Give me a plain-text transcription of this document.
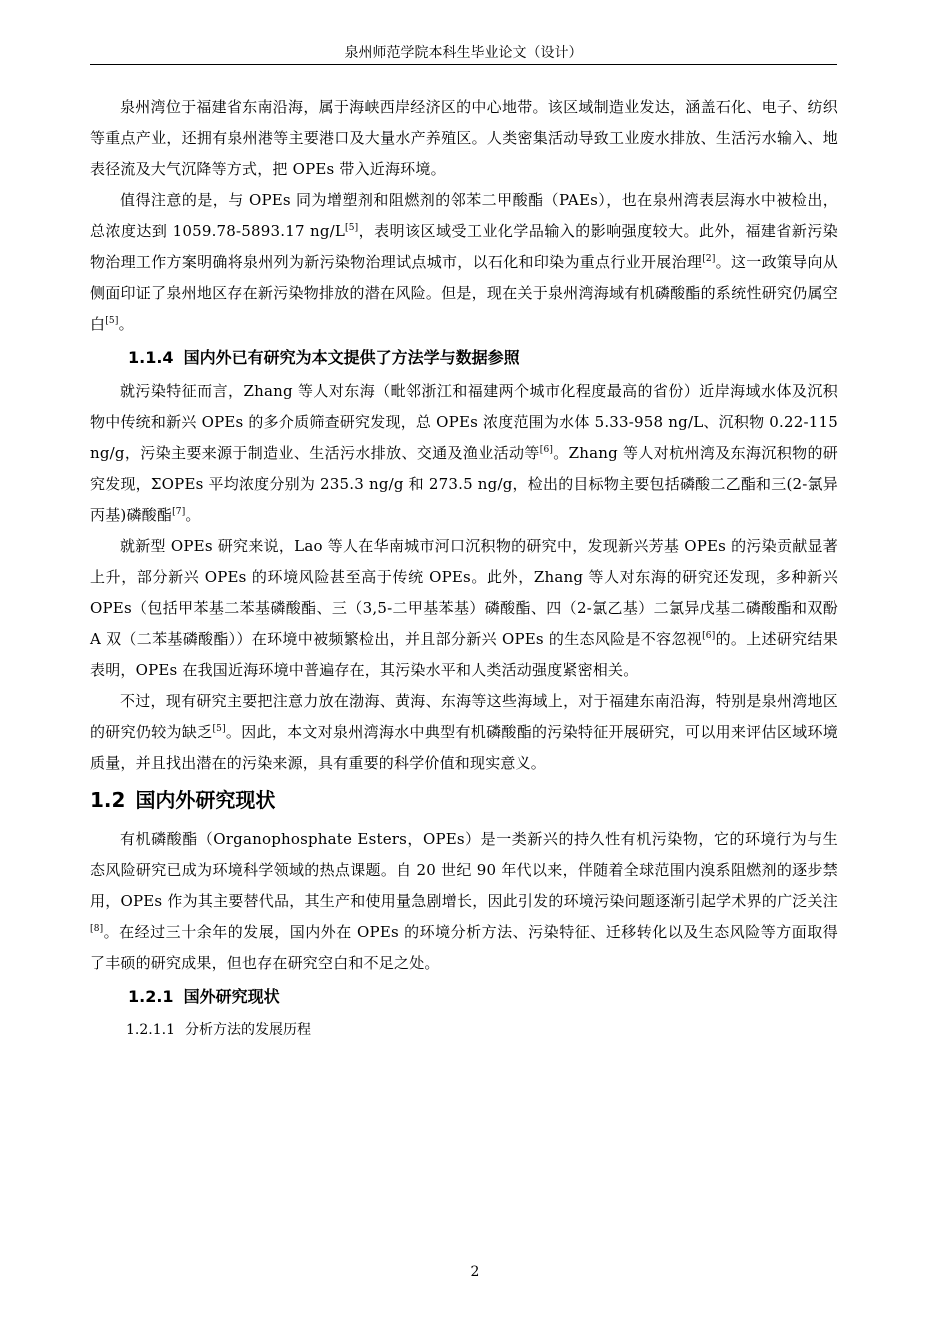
泉州师范学院本科生毕业论文（设计）

泉州湾位于福建省东南沿海，属于海峡西岸经济区的中心地带。该区域制造业发达，涵盖石化、电子、纺织等重点产业，还拥有泉州港等主要港口及大量水产养殖区。人类密集活动导致工业废水排放、生活污水输入、地表径流及大气沉降等方式，把 OPEs 带入近海环境。

值得注意的是，与 OPEs 同为增塑剂和阻燃剂的邻苯二甲酸酯（PAEs），也在泉州湾表层海水中被检出，总浓度达到 1059.78-5893.17 ng/L[5]，表明该区域受工业化学品输入的影响强度较大。此外，福建省新污染物治理工作方案明确将泉州列为新污染物治理试点城市，以石化和印染为重点行业开展治理[2]。这一政策导向从侧面印证了泉州地区存在新污染物排放的潜在风险。但是，现在关于泉州湾海域有机磷酸酯的系统性研究仍属空白[5]。

1.1.4 国内外已有研究为本文提供了方法学与数据参照

就污染特征而言，Zhang 等人对东海（毗邻浙江和福建两个城市化程度最高的省份）近岸海域水体及沉积物中传统和新兴 OPEs 的多介质筛查研究发现，总 OPEs 浓度范围为水体 5.33-958 ng/L、沉积物 0.22-115 ng/g，污染主要来源于制造业、生活污水排放、交通及渔业活动等[6]。Zhang 等人对杭州湾及东海沉积物的研究发现，ΣOPEs 平均浓度分别为 235.3 ng/g 和 273.5 ng/g，检出的目标物主要包括磷酸二乙酯和三(2-氯异丙基)磷酸酯[7]。

就新型 OPEs 研究来说，Lao 等人在华南城市河口沉积物的研究中，发现新兴芳基 OPEs 的污染贡献显著上升，部分新兴 OPEs 的环境风险甚至高于传统 OPEs。此外，Zhang 等人对东海的研究还发现，多种新兴 OPEs（包括甲苯基二苯基磷酸酯、三（3,5-二甲基苯基）磷酸酯、四（2-氯乙基）二氯异戊基二磷酸酯和双酚 A 双（二苯基磷酸酯））在环境中被频繁检出，并且部分新兴 OPEs 的生态风险是不容忽视[6]的。上述研究结果表明，OPEs 在我国近海环境中普遍存在，其污染水平和人类活动强度紧密相关。

不过，现有研究主要把注意力放在渤海、黄海、东海等这些海域上，对于福建东南沿海，特别是泉州湾地区的研究仍较为缺乏[5]。因此，本文对泉州湾海水中典型有机磷酸酯的污染特征开展研究，可以用来评估区域环境质量，并且找出潜在的污染来源，具有重要的科学价值和现实意义。

1.2 国内外研究现状

有机磷酸酯（Organophosphate Esters，OPEs）是一类新兴的持久性有机污染物，它的环境行为与生态风险研究已成为环境科学领域的热点课题。自 20 世纪 90 年代以来，伴随着全球范围内溴系阻燃剂的逐步禁用，OPEs 作为其主要替代品，其生产和使用量急剧增长，因此引发的环境污染问题逐渐引起学术界的广泛关注[8]。在经过三十余年的发展，国内外在 OPEs 的环境分析方法、污染特征、迁移转化以及生态风险等方面取得了丰硕的研究成果，但也存在研究空白和不足之处。

1.2.1 国外研究现状
1.2.1.1 分析方法的发展历程
2
